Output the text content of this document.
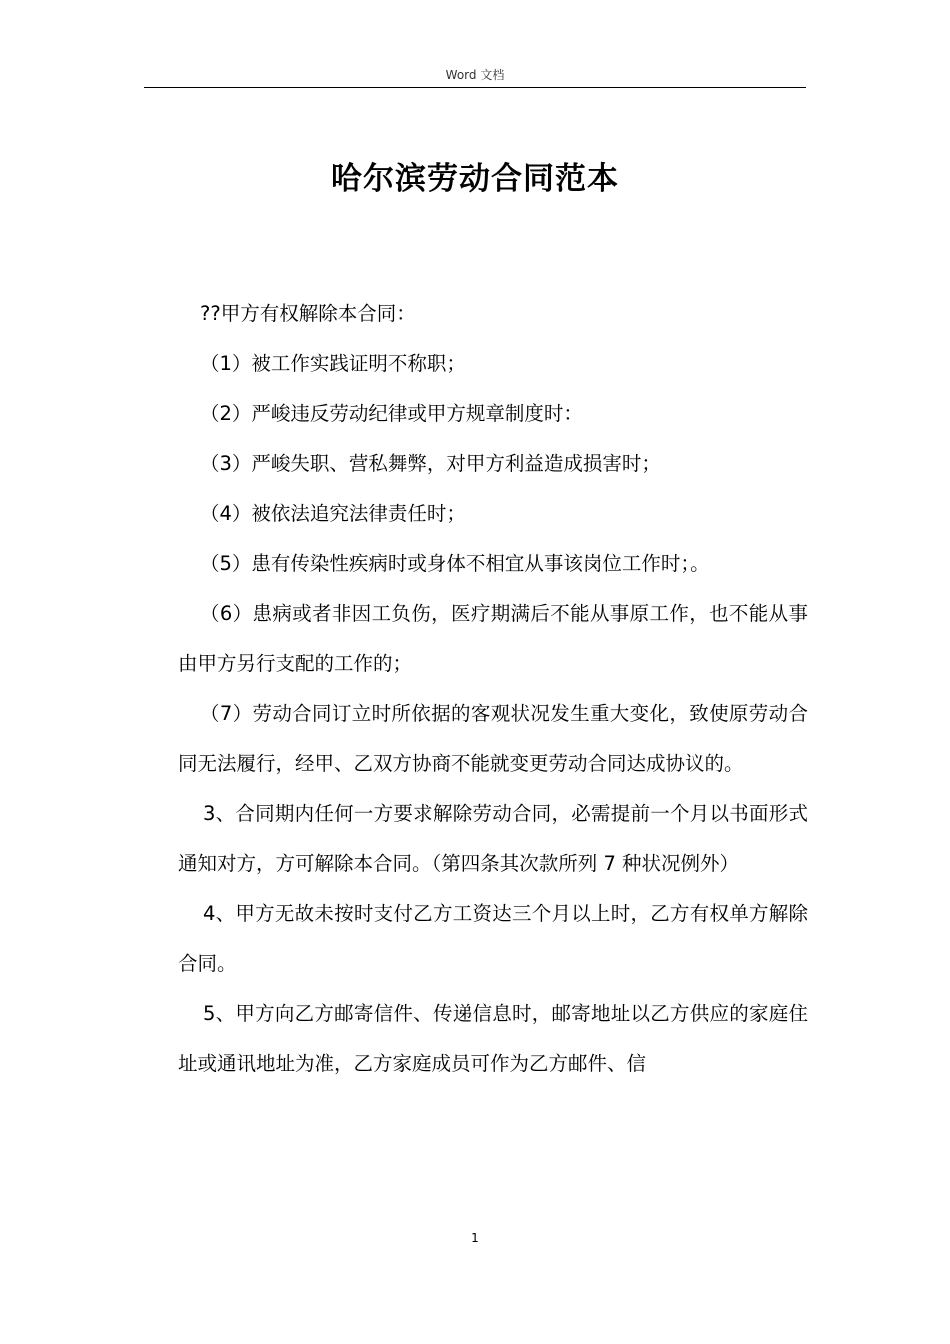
Word 文档
哈尔滨劳动合同范本

??甲方有权解除本合同：

（1）被工作实践证明不称职；

（2）严峻违反劳动纪律或甲方规章制度时：

（3）严峻失职、营私舞弊，对甲方利益造成损害时；

（4）被依法追究法律责任时；

（5）患有传染性疾病时或身体不相宜从事该岗位工作时；。

（6）患病或者非因工负伤，医疗期满后不能从事原工作，也不能从事由甲方另行支配的工作的；

（7）劳动合同订立时所依据的客观状况发生重大变化，致使原劳动合同无法履行，经甲、乙双方协商不能就变更劳动合同达成协议的。

3、合同期内任何一方要求解除劳动合同，必需提前一个月以书面形式通知对方，方可解除本合同。（第四条其次款所列 7 种状况例外）

4、甲方无故未按时支付乙方工资达三个月以上时，乙方有权单方解除合同。

5、甲方向乙方邮寄信件、传递信息时，邮寄地址以乙方供应的家庭住址或通讯地址为准，乙方家庭成员可作为乙方邮件、信

1
